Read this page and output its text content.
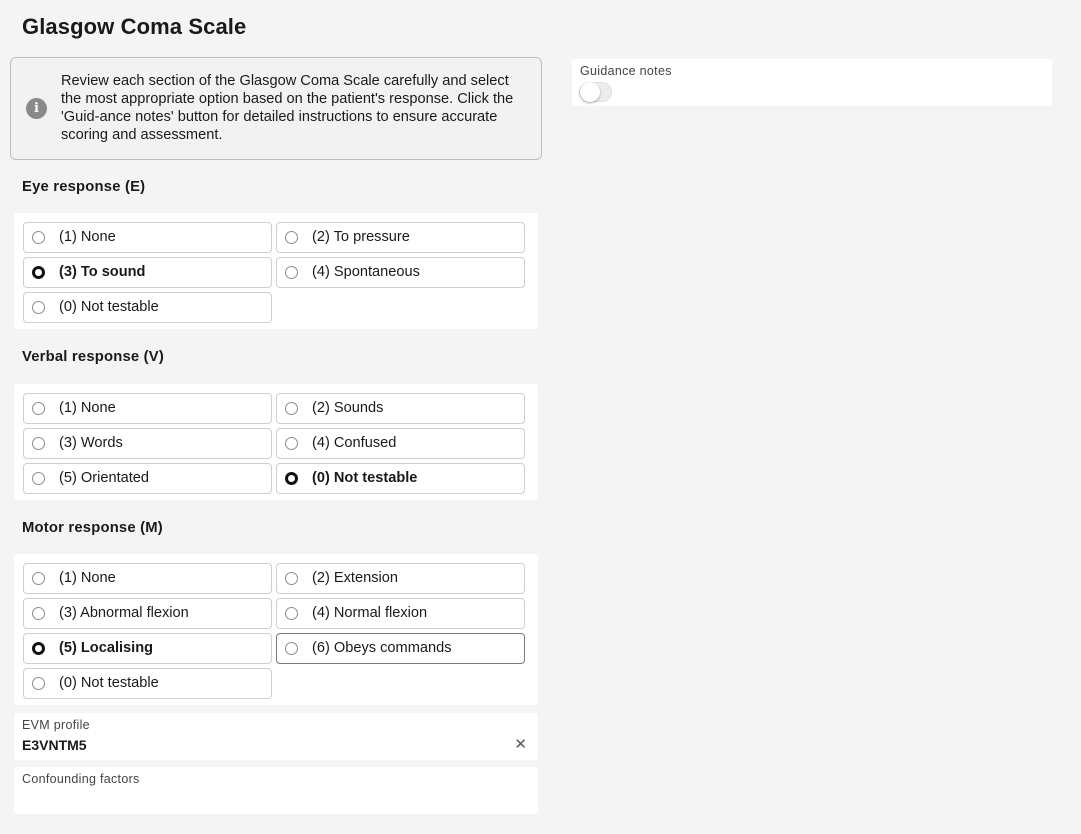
Glasgow Coma Scale
i
Review each section of the Glasgow Coma Scale carefully and select the most appropriate option based on the patient's response. Click the 'Guid-ance notes' button for detailed instructions to ensure accurate scoring and assessment.
Guidance notes
Eye response (E)
(1) None	(2) To pressure
(3) To sound	(4) Spontaneous
(0) Not testable
Verbal response (V)
(1) None	(2) Sounds
(3) Words	(4) Confused
(5) Orientated	(0) Not testable
Motor response (M)
(1) None	(2) Extension
(3) Abnormal flexion	(4) Normal flexion
(5) Localising	(6) Obeys commands
(0) Not testable
EVM profile
E3VNTM5	✕
Confounding factors
